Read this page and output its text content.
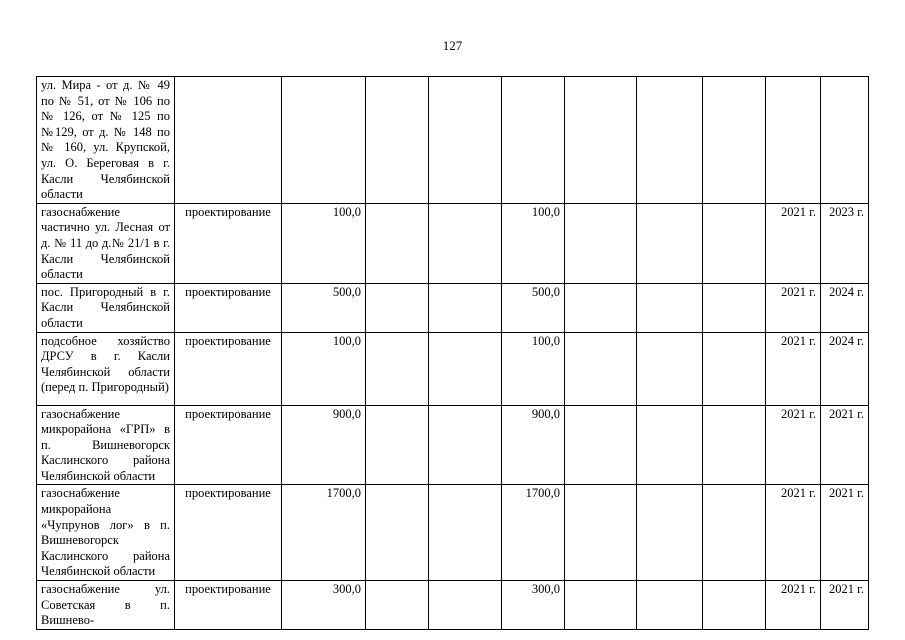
127
ул. Мира - от д. № 49 по № 51, от № 106 по № 126, от № 125 по №129, от д. № 148 по № 160, ул. Крупской, ул. О. Береговая в г. Касли Челябинской области										
газоснабжение частично ул. Лесная от д. № 11 до д.№ 21/1 в г. Касли Челябинской области	проектирование	100,0			100,0				2021 г.	2023 г.
пос. Пригородный в г. Касли Челябинской области	проектирование	500,0			500,0				2021 г.	2024 г.
подсобное хозяйство ДРСУ в г. Касли Челябинской области (перед п. Пригородный)	проектирование	100,0			100,0				2021 г.	2024 г.
газоснабжение микрорайона «ГРП» в п. Вишневогорск Каслинского района Челябинской области	проектирование	900,0			900,0				2021 г.	2021 г.
газоснабжение микрорайона «Чупрунов лог» в п. Вишневогорск Каслинского района Челябинской области	проектирование	1700,0			1700,0				2021 г.	2021 г.
газоснабжение ул. Советская в п. Вишнево-	проектирование	300,0			300,0				2021 г.	2021 г.
